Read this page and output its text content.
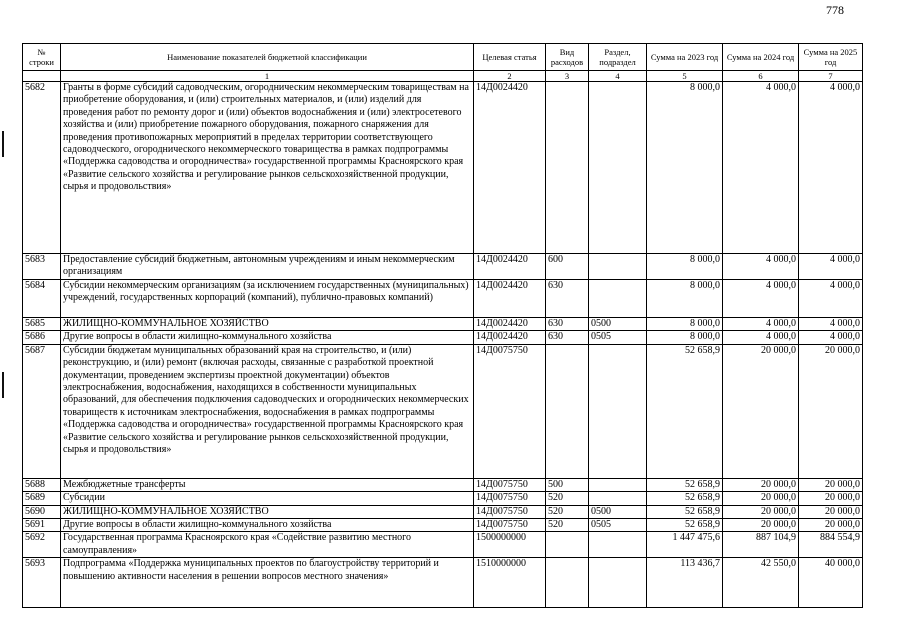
778
№ строки	Наименование показателей бюджетной классификации	Целевая статья	Вид расходов	Раздел, подраздел	Сумма на 2023 год	Сумма на 2024 год	Сумма на 2025 год
	1	2	3	4	5	6	7
5682	Гранты в форме субсидий садоводческим, огородническим некоммерческим товариществам на приобретение оборудования, и (или) строительных материалов, и (или) изделий для проведения работ по ремонту дорог и (или) объектов водоснабжения и (или) электросетевого хозяйства и (или) приобретение пожарного оборудования, пожарного снаряжения для проведения противопожарных мероприятий в пределах территории соответствующего садоводческого, огороднического некоммерческого товарищества в рамках подпрограммы «Поддержка садоводства и огородничества» государственной программы Красноярского края «Развитие сельского хозяйства и регулирование рынков сельскохозяйственной продукции, сырья и продовольствия»	14Д0024420			8 000,0	4 000,0	4 000,0
5683	Предоставление субсидий бюджетным, автономным учреждениям и иным некоммерческим организациям	14Д0024420	600		8 000,0	4 000,0	4 000,0
5684	Субсидии некоммерческим организациям (за исключением государственных (муниципальных) учреждений, государственных корпораций (компаний), публично-правовых компаний)	14Д0024420	630		8 000,0	4 000,0	4 000,0
5685	ЖИЛИЩНО-КОММУНАЛЬНОЕ ХОЗЯЙСТВО	14Д0024420	630	0500	8 000,0	4 000,0	4 000,0
5686	Другие вопросы в области жилищно-коммунального хозяйства	14Д0024420	630	0505	8 000,0	4 000,0	4 000,0
5687	Субсидии бюджетам муниципальных образований края на строительство, и (или) реконструкцию, и (или) ремонт (включая расходы, связанные с разработкой проектной документации, проведением экспертизы проектной документации) объектов электроснабжения, водоснабжения, находящихся в собственности муниципальных образований, для обеспечения подключения садоводческих и огороднических некоммерческих товариществ к источникам электроснабжения, водоснабжения в рамках подпрограммы «Поддержка садоводства и огородничества» государственной программы Красноярского края «Развитие сельского хозяйства и регулирование рынков сельскохозяйственной продукции, сырья и продовольствия»	14Д0075750			52 658,9	20 000,0	20 000,0
5688	Межбюджетные трансферты	14Д0075750	500		52 658,9	20 000,0	20 000,0
5689	Субсидии	14Д0075750	520		52 658,9	20 000,0	20 000,0
5690	ЖИЛИЩНО-КОММУНАЛЬНОЕ ХОЗЯЙСТВО	14Д0075750	520	0500	52 658,9	20 000,0	20 000,0
5691	Другие вопросы в области жилищно-коммунального хозяйства	14Д0075750	520	0505	52 658,9	20 000,0	20 000,0
5692	Государственная программа Красноярского края «Содействие развитию местного самоуправления»	1500000000			1 447 475,6	887 104,9	884 554,9
5693	Подпрограмма «Поддержка муниципальных проектов по благоустройству территорий и повышению активности населения в решении вопросов местного значения»	1510000000			113 436,7	42 550,0	40 000,0
